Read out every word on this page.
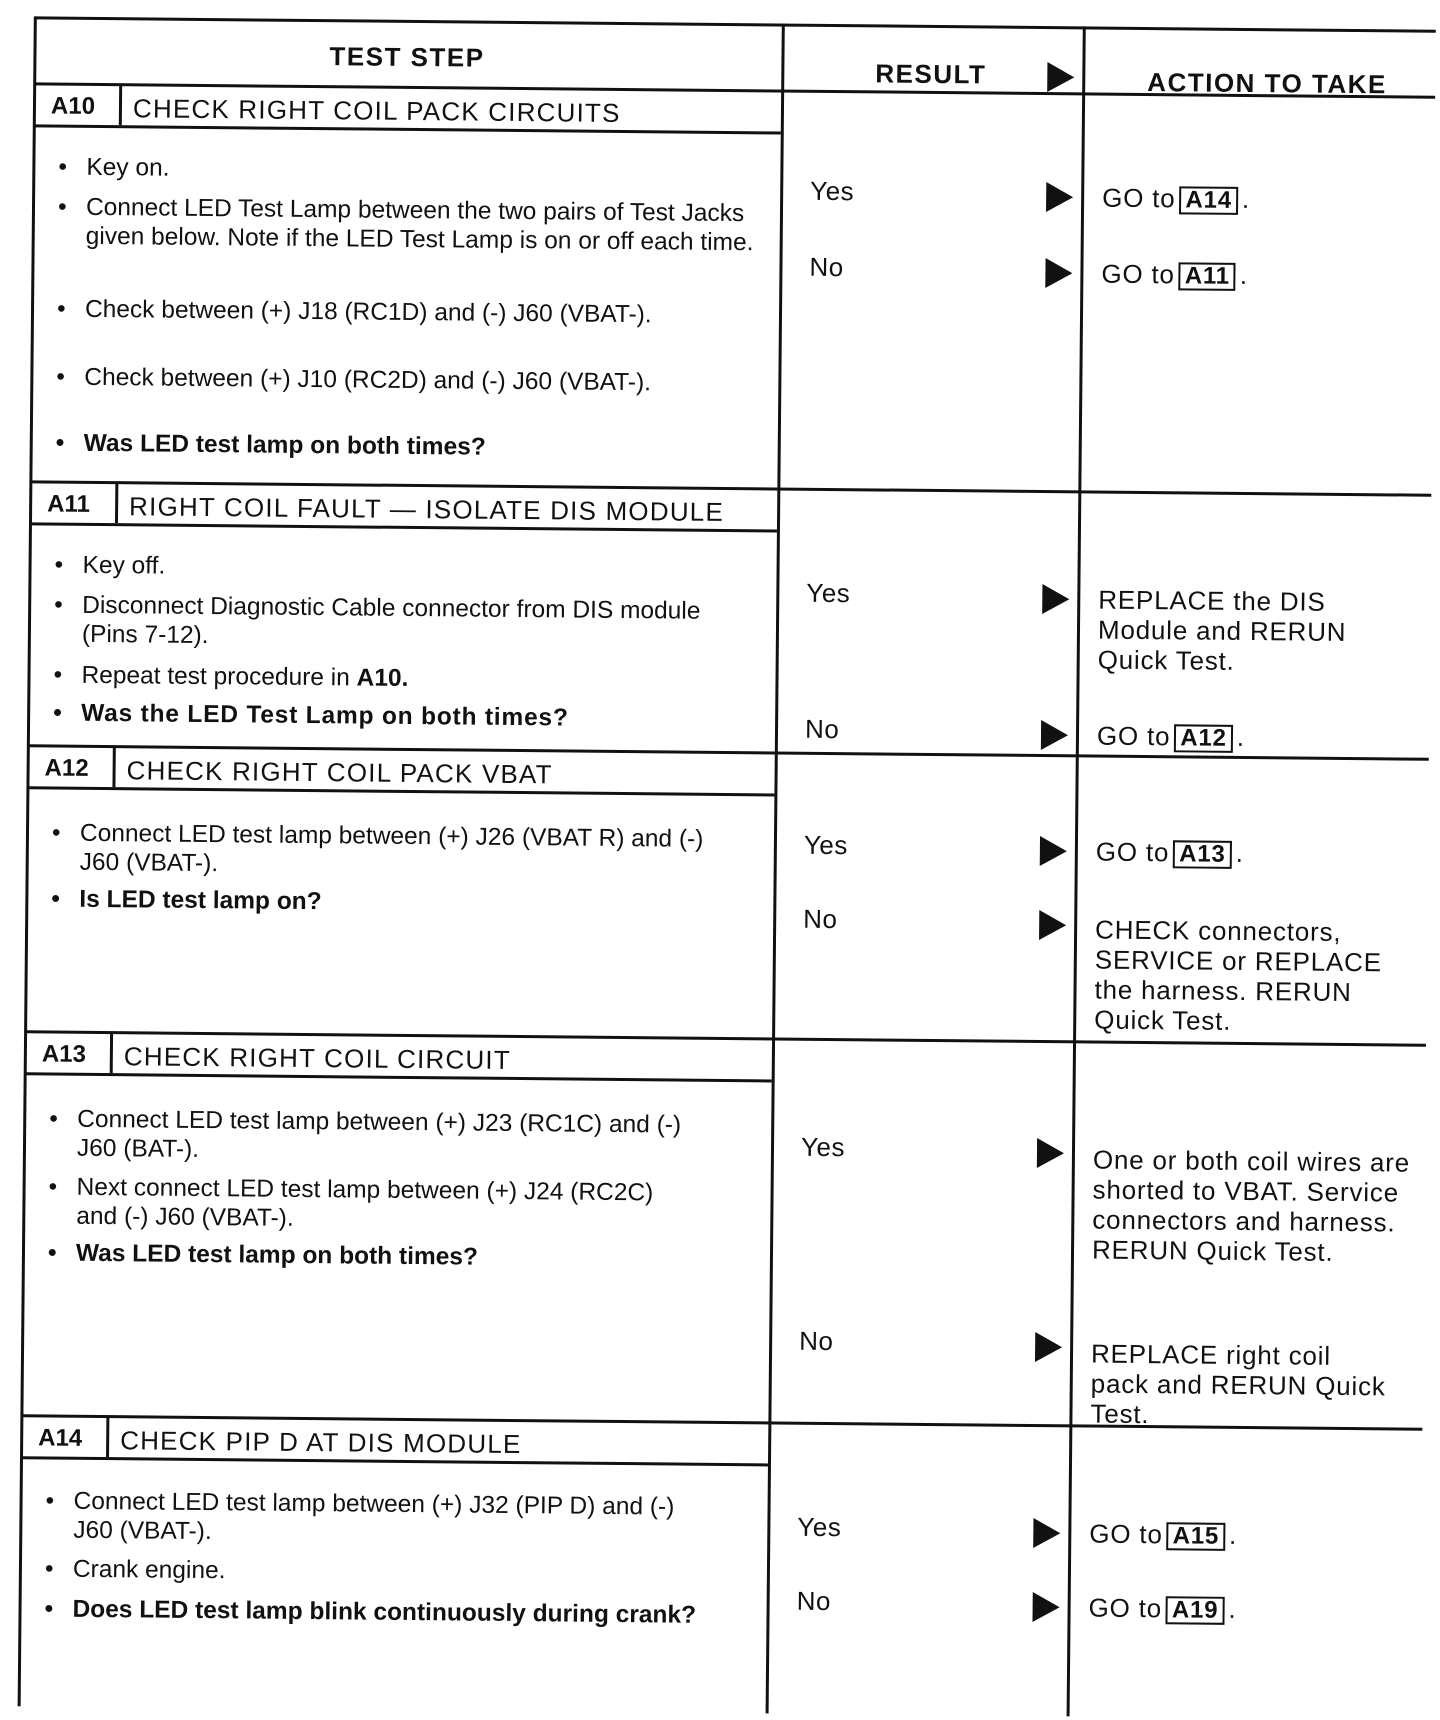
TEST STEP
RESULT	ACTION TO TAKE
A10 CHECK RIGHT COIL PACK CIRCUITS
• Key on.
• Connect LED Test Lamp between the two pairs of Test Jacks given below. Note if the LED Test Lamp is on or off each time.
• Check between (+) J18 (RC1D) and (-) J60 (VBAT-).
• Check between (+) J10 (RC2D) and (-) J60 (VBAT-).
• Was LED test lamp on both times?
Yes	GO to A14 .
No	GO to A11 .
A11 RIGHT COIL FAULT — ISOLATE DIS MODULE
• Key off.
• Disconnect Diagnostic Cable connector from DIS module (Pins 7-12).
• Repeat test procedure in A10.
• Was the LED Test Lamp on both times?
Yes	REPLACE the DIS Module and RERUN Quick Test.
No	GO to A12 .
A12 CHECK RIGHT COIL PACK VBAT
• Connect LED test lamp between (+) J26 (VBAT R) and (-) J60 (VBAT-).
• Is LED test lamp on?
Yes	GO to A13 .
No	CHECK connectors, SERVICE or REPLACE the harness. RERUN Quick Test.
A13 CHECK RIGHT COIL CIRCUIT
• Connect LED test lamp between (+) J23 (RC1C) and (-) J60 (BAT-).
• Next connect LED test lamp between (+) J24 (RC2C) and (-) J60 (VBAT-).
• Was LED test lamp on both times?
Yes	One or both coil wires are shorted to VBAT. Service connectors and harness. RERUN Quick Test.
No	REPLACE right coil pack and RERUN Quick Test.
A14 CHECK PIP D AT DIS MODULE
• Connect LED test lamp between (+) J32 (PIP D) and (-) J60 (VBAT-).
• Crank engine.
• Does LED test lamp blink continuously during crank?
Yes	GO to A15 .
No	GO to A19 .
